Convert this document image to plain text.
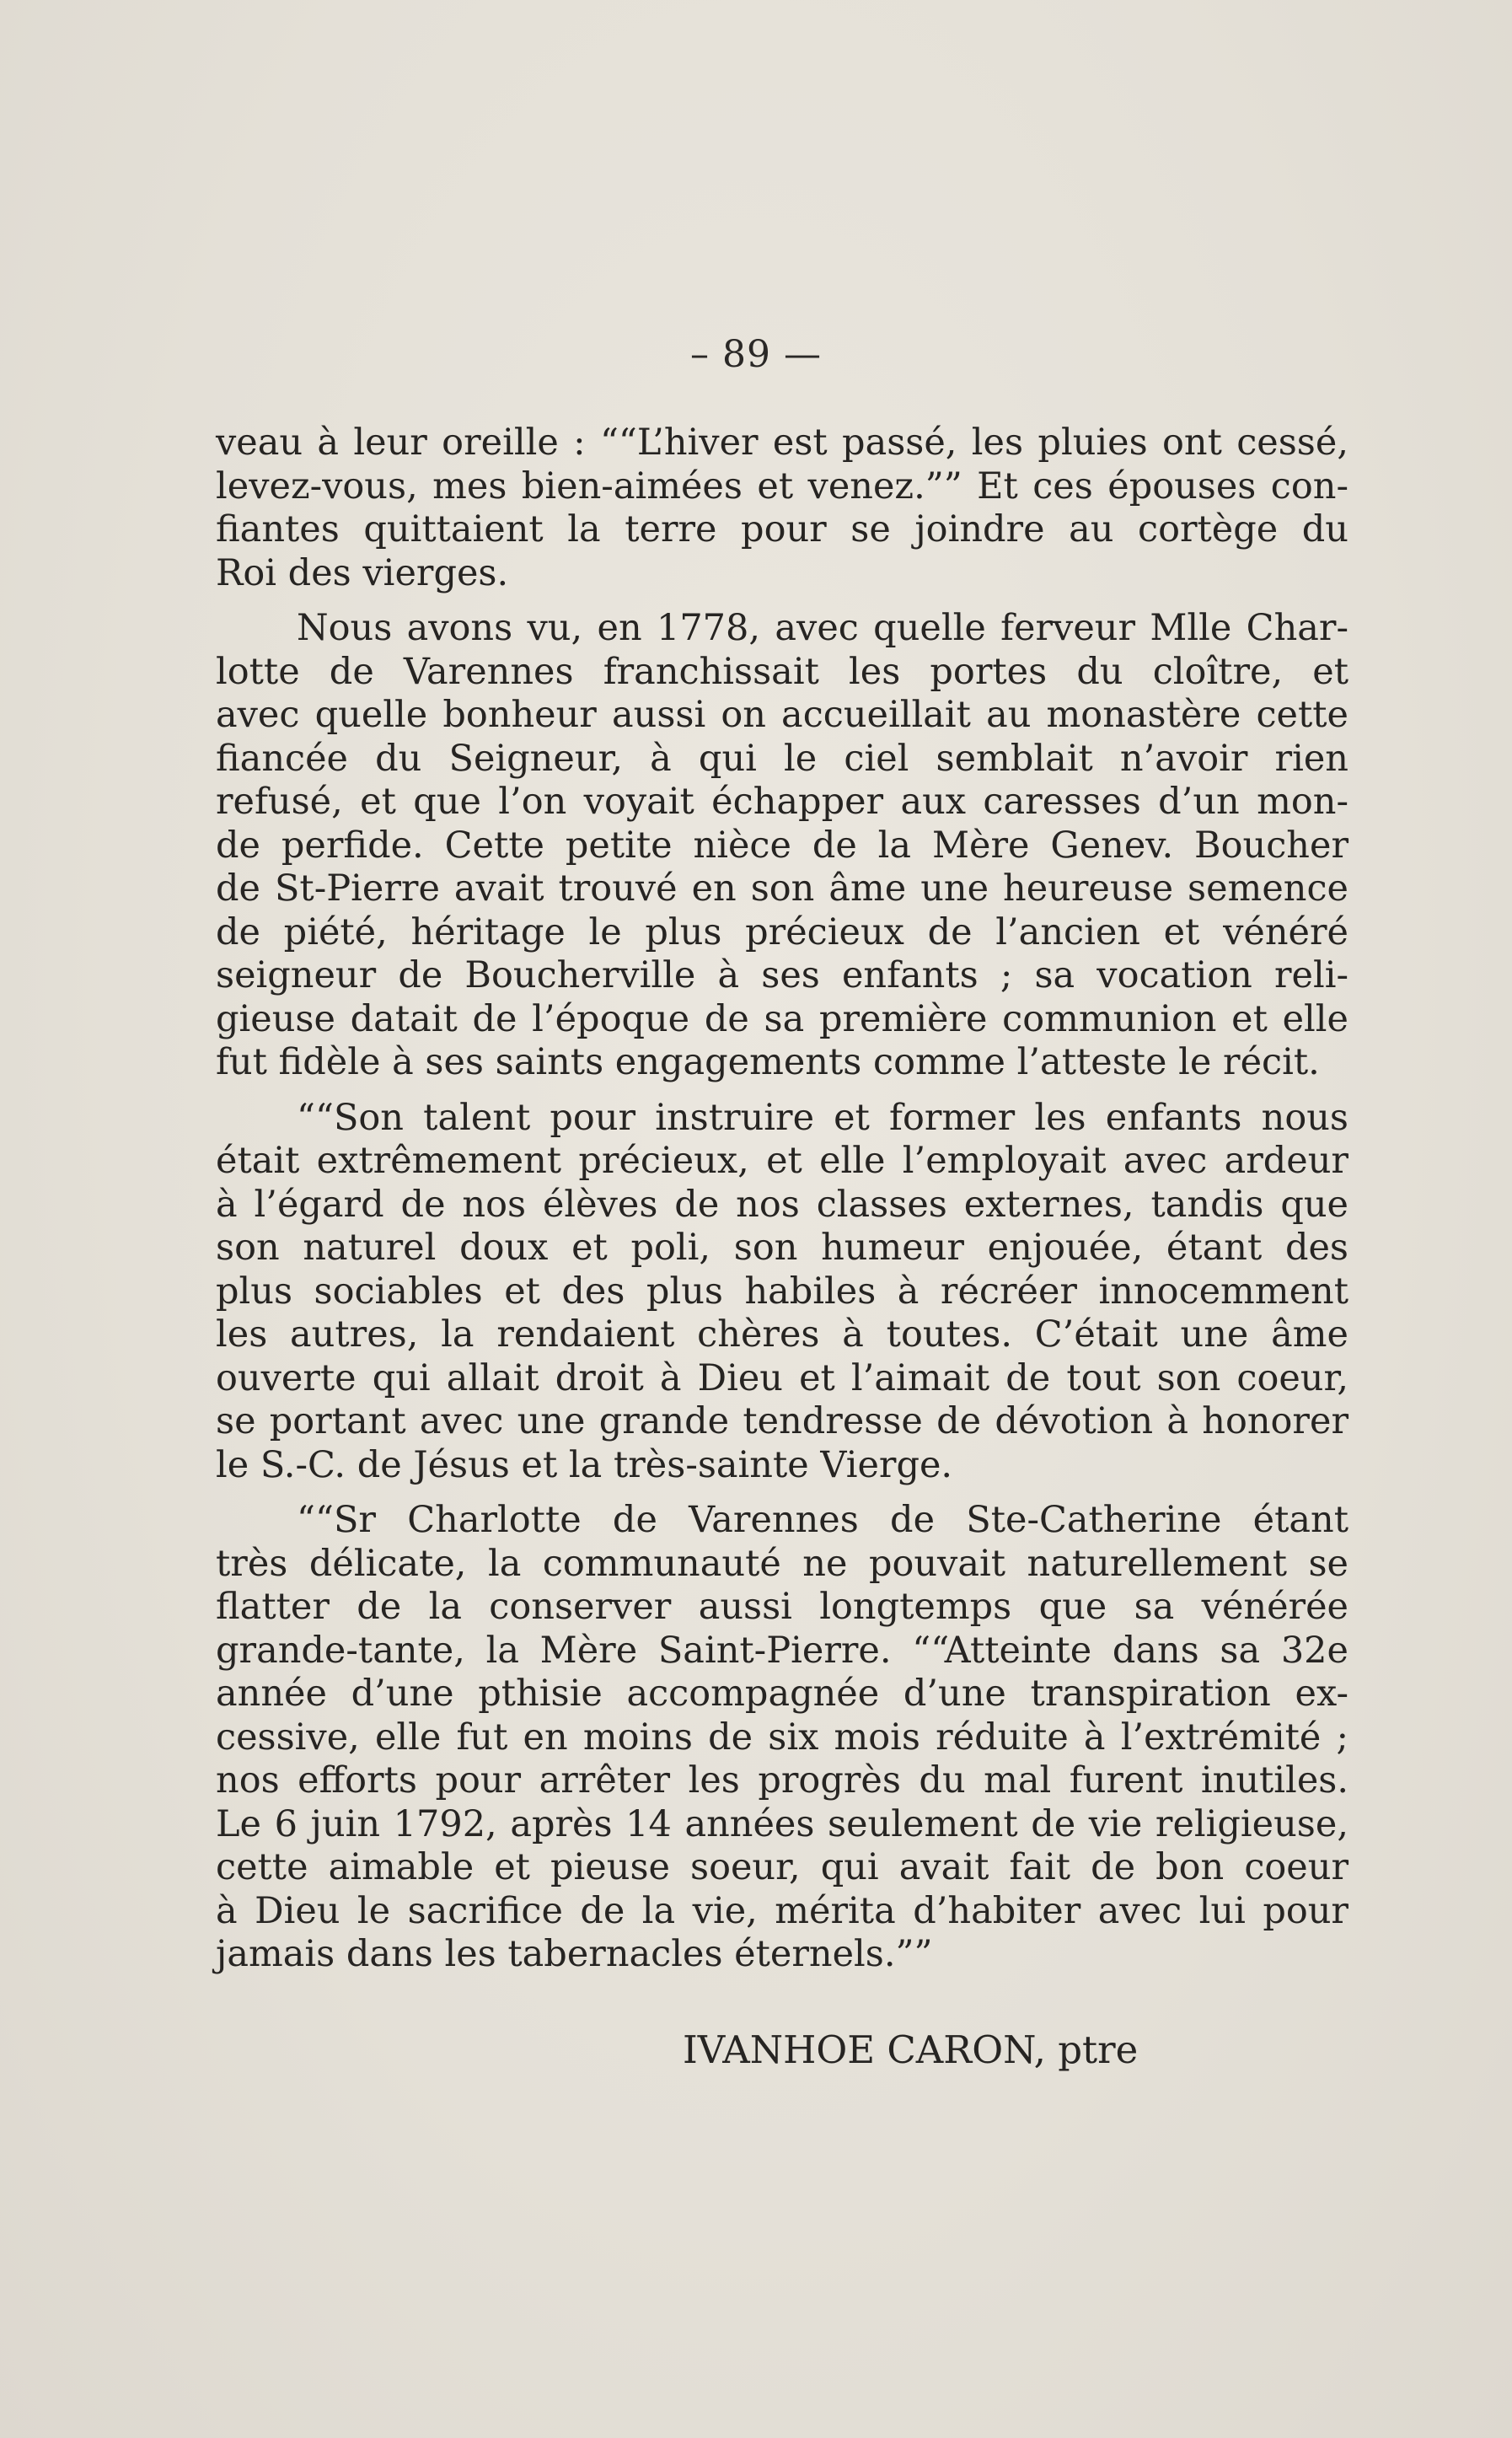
– 89 —
veau à leur oreille : ““L’hiver est passé, les pluies ont cessé,
levez-vous, mes bien-aimées et venez.”” Et ces épouses con-
fiantes quittaient la terre pour se joindre au cortège du
Roi des vierges.
Nous avons vu, en 1778, avec quelle ferveur Mlle Char-
lotte de Varennes franchissait les portes du cloître, et
avec quelle bonheur aussi on accueillait au monastère cette
fiancée du Seigneur, à qui le ciel semblait n’avoir rien
refusé, et que l’on voyait échapper aux caresses d’un mon-
de perfide. Cette petite nièce de la Mère Genev. Boucher
de St-Pierre avait trouvé en son âme une heureuse semence
de piété, héritage le plus précieux de l’ancien et vénéré
seigneur de Boucherville à ses enfants ; sa vocation reli-
gieuse datait de l’époque de sa première communion et elle
fut fidèle à ses saints engagements comme l’atteste le récit.
““Son talent pour instruire et former les enfants nous
était extrêmement précieux, et elle l’employait avec ardeur
à l’égard de nos élèves de nos classes externes, tandis que
son naturel doux et poli, son humeur enjouée, étant des
plus sociables et des plus habiles à récréer innocemment
les autres, la rendaient chères à toutes. C’était une âme
ouverte qui allait droit à Dieu et l’aimait de tout son coeur,
se portant avec une grande tendresse de dévotion à honorer
le S.-C. de Jésus et la très-sainte Vierge.
““Sr Charlotte de Varennes de Ste-Catherine étant
très délicate, la communauté ne pouvait naturellement se
flatter de la conserver aussi longtemps que sa vénérée
grande-tante, la Mère Saint-Pierre. ““Atteinte dans sa 32e
année d’une pthisie accompagnée d’une transpiration ex-
cessive, elle fut en moins de six mois réduite à l’extrémité ;
nos efforts pour arrêter les progrès du mal furent inutiles.
Le 6 juin 1792, après 14 années seulement de vie religieuse,
cette aimable et pieuse soeur, qui avait fait de bon coeur
à Dieu le sacrifice de la vie, mérita d’habiter avec lui pour
jamais dans les tabernacles éternels.””
IVANHOE CARON, ptre
